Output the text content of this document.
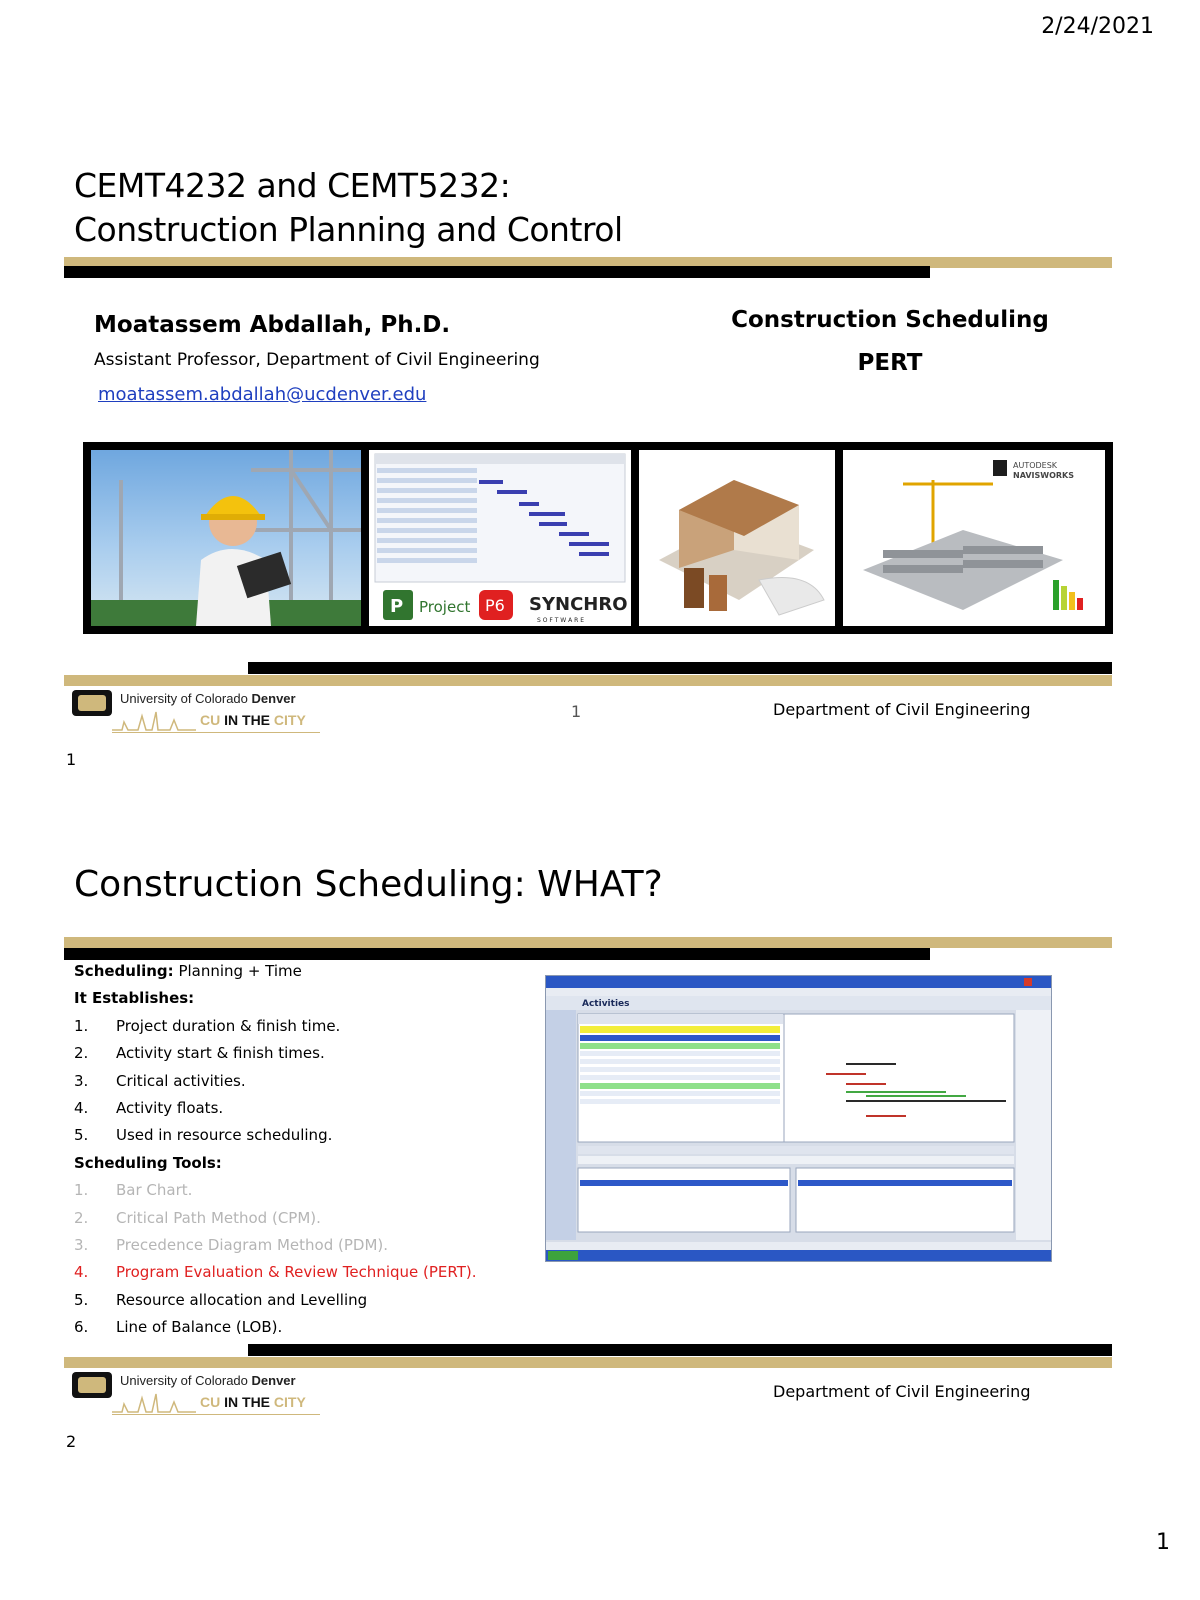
2/24/2021
CEMT4232 and CEMT5232:
Construction Planning and Control
Moatassem Abdallah, Ph.D.
Assistant Professor, Department of Civil Engineering
moatassem.abdallah@ucdenver.edu
Construction Scheduling
PERT
P Project P6 SYNCHRO
S O F T W A R E
AUTODESK
NAVISWORKS
University of Colorado Denver
CU IN THE CITY	1	Department of Civil Engineering
1
Construction Scheduling: WHAT?
Scheduling: Planning + Time
It Establishes:
1. Project duration & finish time.
2. Activity start & finish times.
3. Critical activities.
4. Activity floats.
5. Used in resource scheduling.
Scheduling Tools:
1. Bar Chart.
2. Critical Path Method (CPM).
3. Precedence Diagram Method (PDM).
4. Program Evaluation & Review Technique (PERT).
5. Resource allocation and Levelling
6. Line of Balance (LOB).
Activities
University of Colorado Denver
CU IN THE CITY
Department of Civil Engineering
2
1
